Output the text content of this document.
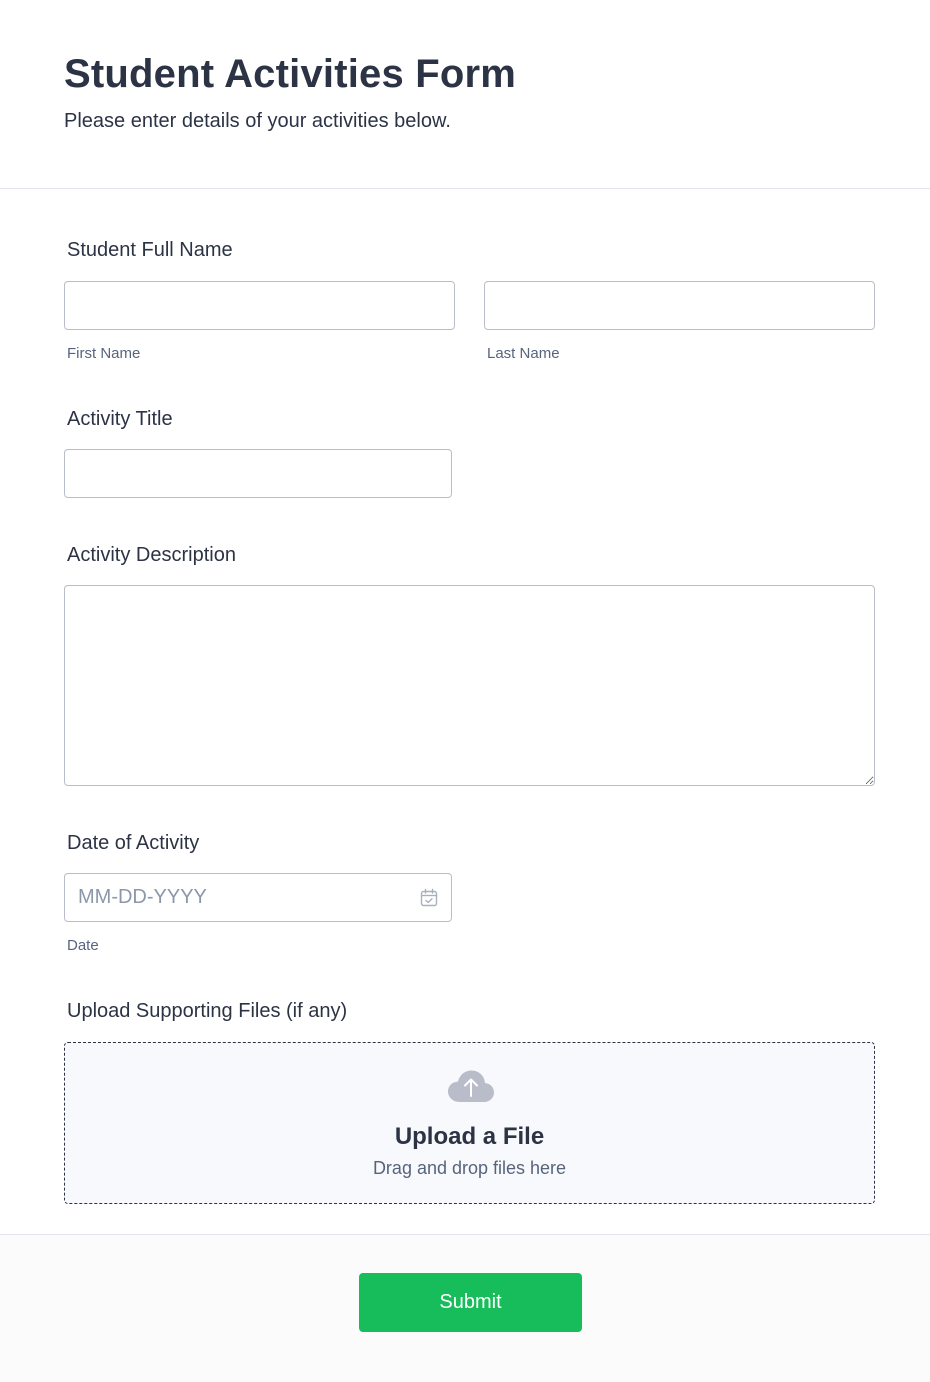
Student Activities Form

Please enter details of your activities below.

Student Full Name

First Name	Last Name

Activity Title

Activity Description

Date of Activity

MM-DD-YYYY

Date

Upload Supporting Files (if any)

Upload a File

Drag and drop files here

Submit
